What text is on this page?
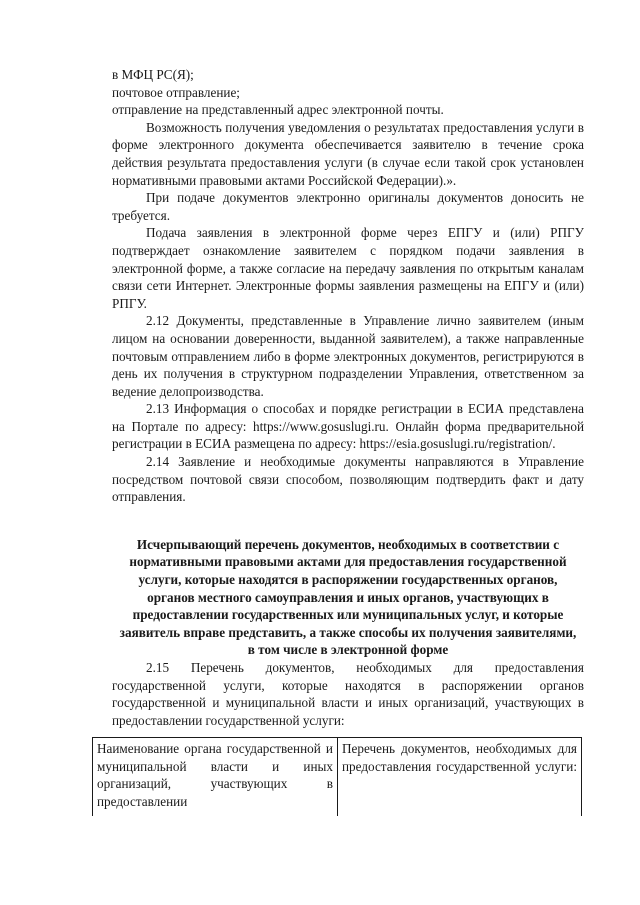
в МФЦ РС(Я);
почтовое отправление;
отправление на представленный адрес электронной почты.

Возможность получения уведомления о результатах предоставления услуги в форме электронного документа обеспечивается заявителю в течение срока действия результата предоставления услуги (в случае если такой срок установлен нормативными правовыми актами Российской Федерации).».

При подаче документов электронно оригиналы документов доносить не требуется.

Подача заявления в электронной форме через ЕПГУ и (или) РПГУ подтверждает ознакомление заявителем с порядком подачи заявления в электронной форме, а также согласие на передачу заявления по открытым каналам связи сети Интернет. Электронные формы заявления размещены на ЕПГУ и (или) РПГУ.

2.12 Документы, представленные в Управление лично заявителем (иным лицом на основании доверенности, выданной заявителем), а также направленные почтовым отправлением либо в форме электронных документов, регистрируются в день их получения в структурном подразделении Управления, ответственном за ведение делопроизводства.

2.13 Информация о способах и порядке регистрации в ЕСИА представлена на Портале по адресу: https://www.gosuslugi.ru. Онлайн форма предварительной регистрации в ЕСИА размещена по адресу: https://esia.gosuslugi.ru/registration/.

2.14 Заявление и необходимые документы направляются в Управление посредством почтовой связи способом, позволяющим подтвердить факт и дату отправления.

Исчерпывающий перечень документов, необходимых в соответствии с нормативными правовыми актами для предоставления государственной услуги, которые находятся в распоряжении государственных органов, органов местного самоуправления и иных органов, участвующих в предоставлении государственных или муниципальных услуг, и которые заявитель вправе представить, а также способы их получения заявителями, в том числе в электронной форме

2.15 Перечень документов, необходимых для предоставления государственной услуги, которые находятся в распоряжении органов государственной и муниципальной власти и иных организаций, участвующих в предоставлении государственной услуги:

Наименование органа государственной и муниципальной власти и иных организаций, участвующих в предоставлении	Перечень документов, необходимых для предоставления государственной услуги:
